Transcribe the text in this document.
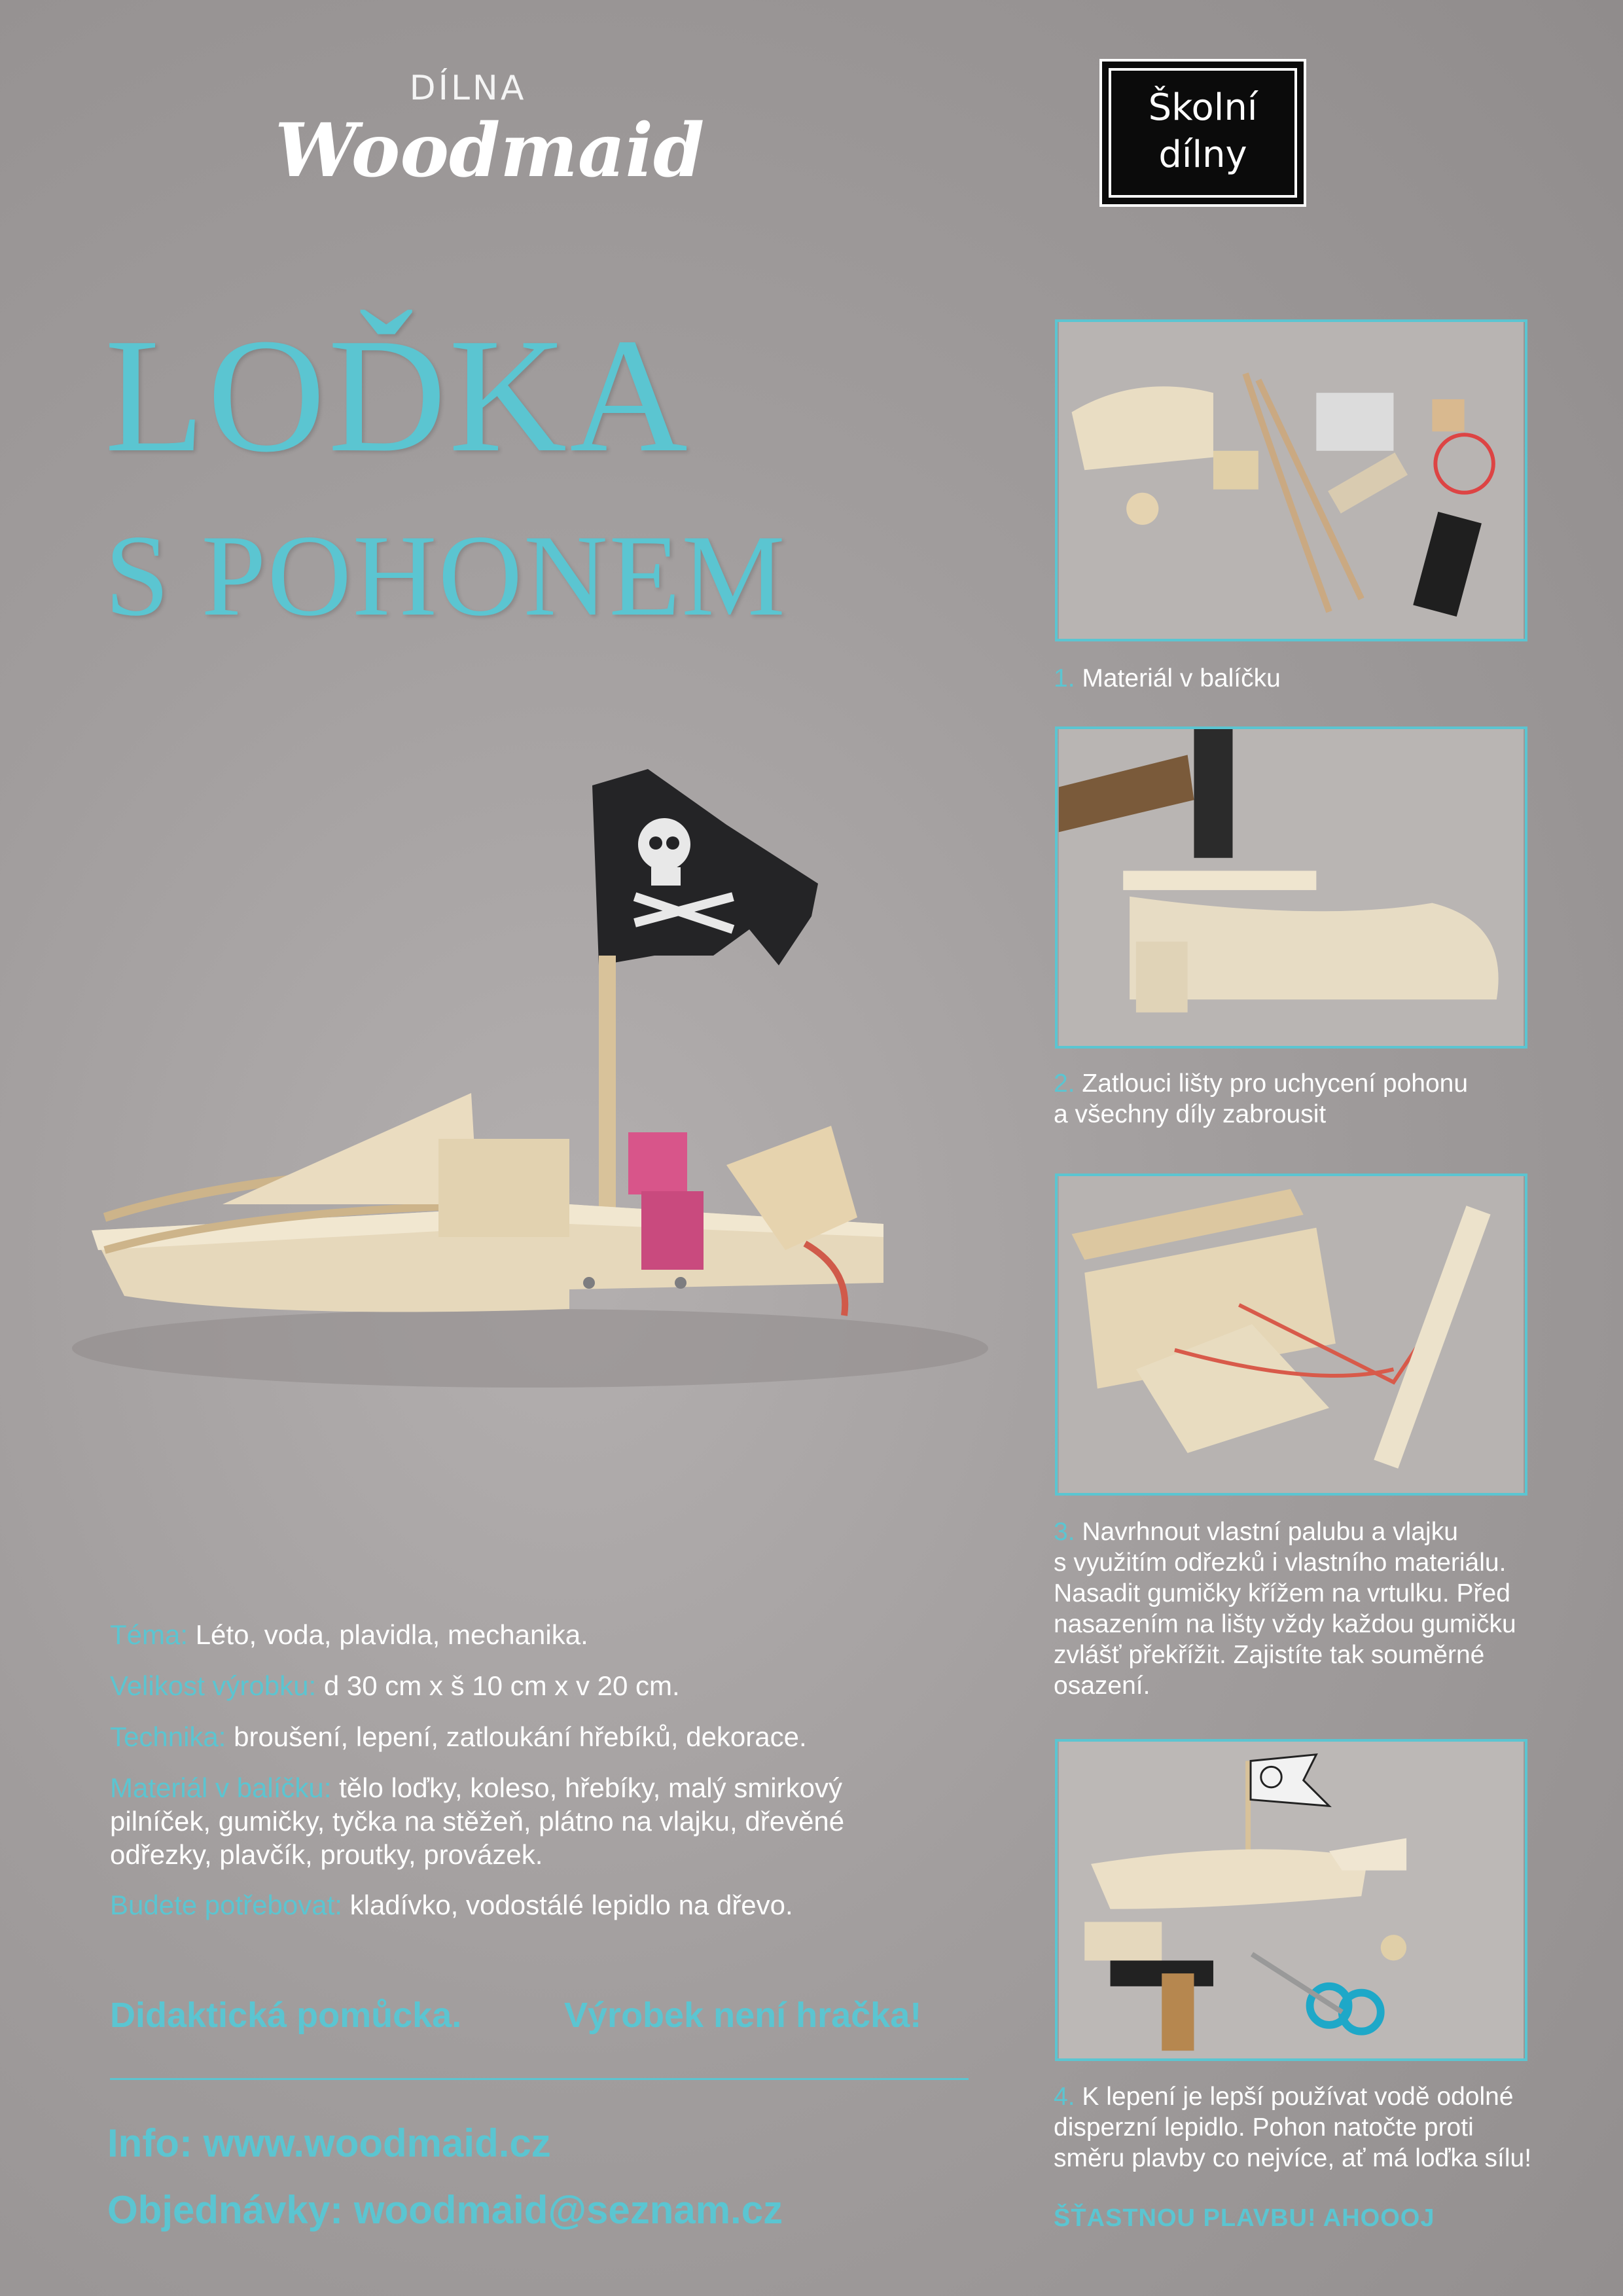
DÍLNA
Woodmaid
Školní
dílny
LOĎKA
S POHONEM
1. Materiál v balíčku
2. Zatlouci lišty pro uchycení pohonu
a všechny díly zabrousit
3. Navrhnout vlastní palubu a vlajku
s využitím odřezků i vlastního materiálu.
Nasadit gumičky křížem na vrtulku. Před
nasazením na lišty vždy každou gumičku
zvlášť překřížit. Zajistíte tak souměrné
osazení.
4. K lepení je lepší používat vodě odolné
disperzní lepidlo. Pohon natočte proti
směru plavby co nejvíce, ať má loďka sílu!
Téma: Léto, voda, plavidla, mechanika.
Velikost výrobku: d 30 cm x š 10 cm x v 20 cm.
Technika: broušení, lepení, zatloukání hřebíků, dekorace.
Materiál v balíčku: tělo loďky, koleso, hřebíky, malý smirkový
pilníček, gumičky, tyčka na stěžeň, plátno na vlajku, dřevěné
odřezky, plavčík, proutky, provázek.
Budete potřebovat: kladívko, vodostálé lepidlo na dřevo.
Didaktická pomůcka.	Výrobek není hračka!
Info: www.woodmaid.cz
Objednávky: woodmaid@seznam.cz	ŠŤASTNOU PLAVBU! AHOOOJ
